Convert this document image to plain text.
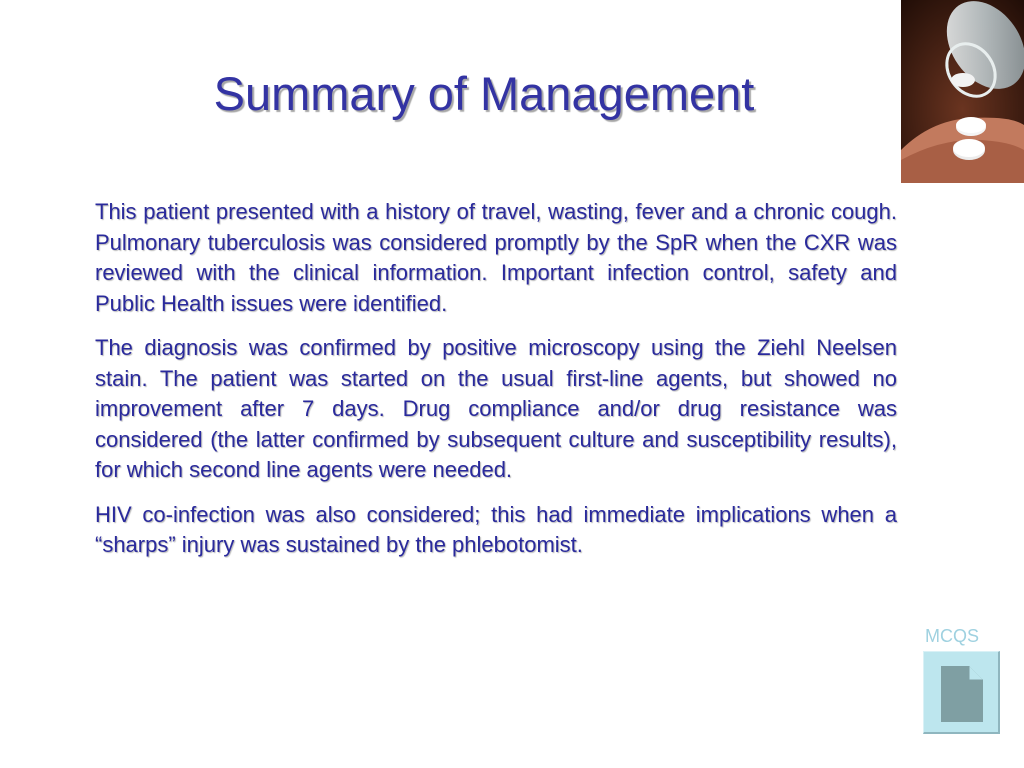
Summary of Management

This patient presented with a history of travel, wasting, fever and a chronic cough. Pulmonary tuberculosis was considered promptly by the SpR when the CXR was reviewed with the clinical information. Important infection control, safety and Public Health issues were identified.

The diagnosis was confirmed by positive microscopy using the Ziehl Neelsen stain. The patient was started on the usual first-line agents, but showed no improvement after 7 days. Drug compliance and/or drug resistance was considered (the latter confirmed by subsequent culture and susceptibility results), for which second line agents were needed.

HIV co-infection was also considered; this had immediate implications when a “sharps” injury was sustained by the phlebotomist.

MCQS
